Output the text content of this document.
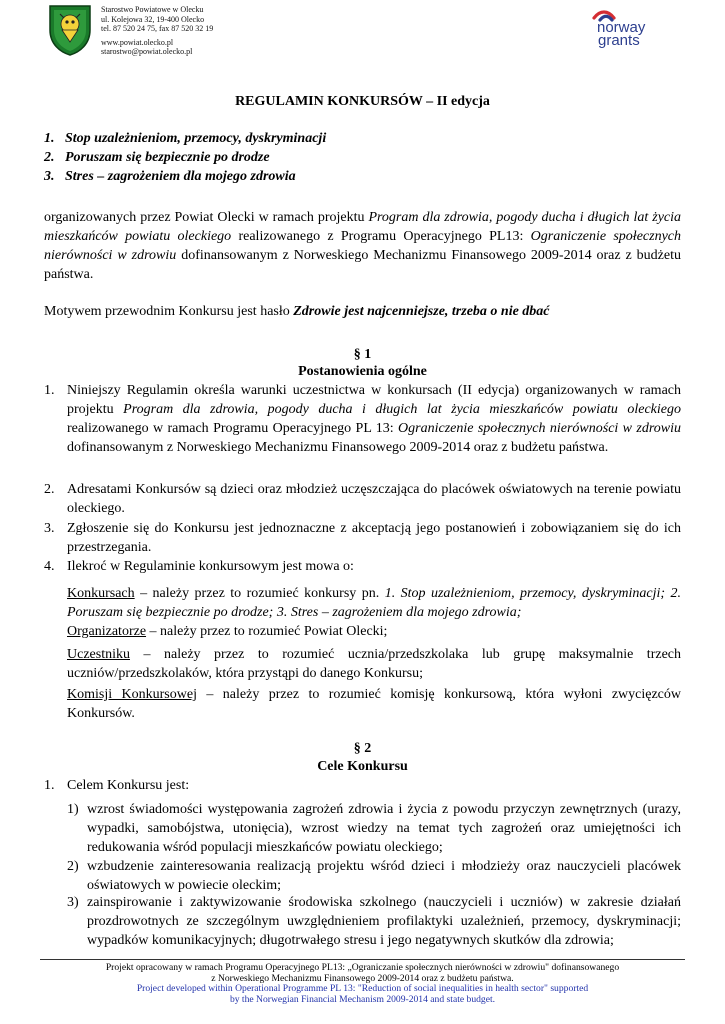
Starostwo Powiatowe w Olecku
ul. Kolejowa 32, 19-400 Olecko
tel. 87 520 24 75, fax 87 520 32 19
www.powiat.olecko.pl
starostwo@powiat.olecko.pl
norway
grants
REGULAMIN KONKURSÓW – II edycja
1. Stop uzależnieniom, przemocy, dyskryminacji
2. Poruszam się bezpiecznie po drodze
3. Stres – zagrożeniem dla mojego zdrowia
organizowanych przez Powiat Olecki w ramach projektu Program dla zdrowia, pogody ducha i długich lat życia mieszkańców powiatu oleckiego realizowanego z Programu Operacyjnego PL13: Ograniczenie społecznych nierówności w zdrowiu dofinansowanym z Norweskiego Mechanizmu Finansowego 2009-2014 oraz z budżetu państwa.
Motywem przewodnim Konkursu jest hasło Zdrowie jest najcenniejsze, trzeba o nie dbać
§ 1
Postanowienia ogólne
1. Niniejszy Regulamin określa warunki uczestnictwa w konkursach (II edycja) organizowanych w ramach projektu Program dla zdrowia, pogody ducha i długich lat życia mieszkańców powiatu oleckiego realizowanego w ramach Programu Operacyjnego PL 13: Ograniczenie społecznych nierówności w zdrowiu dofinansowanym z Norweskiego Mechanizmu Finansowego 2009-2014 oraz z budżetu państwa.
2. Adresatami Konkursów są dzieci oraz młodzież uczęszczająca do placówek oświatowych na terenie powiatu oleckiego.
3. Zgłoszenie się do Konkursu jest jednoznaczne z akceptacją jego postanowień i zobowiązaniem się do ich przestrzegania.
4. Ilekroć w Regulaminie konkursowym jest mowa o:
Konkursach – należy przez to rozumieć konkursy pn. 1. Stop uzależnieniom, przemocy, dyskryminacji; 2. Poruszam się bezpiecznie po drodze; 3. Stres – zagrożeniem dla mojego zdrowia;
Organizatorze – należy przez to rozumieć Powiat Olecki;
Uczestniku – należy przez to rozumieć ucznia/przedszkolaka lub grupę maksymalnie trzech uczniów/przedszkolaków, która przystąpi do danego Konkursu;
Komisji Konkursowej – należy przez to rozumieć komisję konkursową, która wyłoni zwycięzców Konkursów.
§ 2
Cele Konkursu
1. Celem Konkursu jest:
1) wzrost świadomości występowania zagrożeń zdrowia i życia z powodu przyczyn zewnętrznych (urazy, wypadki, samobójstwa, utonięcia), wzrost wiedzy na temat tych zagrożeń oraz umiejętności ich redukowania wśród populacji mieszkańców powiatu oleckiego;
2) wzbudzenie zainteresowania realizacją projektu wśród dzieci i młodzieży oraz nauczycieli placówek oświatowych w powiecie oleckim;
3) zainspirowanie i zaktywizowanie środowiska szkolnego (nauczycieli i uczniów) w zakresie działań prozdrowotnych ze szczególnym uwzględnieniem profilaktyki uzależnień, przemocy, dyskryminacji; wypadków komunikacyjnych; długotrwałego stresu i jego negatywnych skutków dla zdrowia;
Projekt opracowany w ramach Programu Operacyjnego PL13: „Ograniczanie społecznych nierówności w zdrowiu" dofinansowanego
z Norweskiego Mechanizmu Finansowego 2009-2014 oraz z budżetu państwa.
Project developed within Operational Programme PL 13: "Reduction of social inequalities in health sector" supported
by the Norwegian Financial Mechanism 2009-2014 and state budget.
